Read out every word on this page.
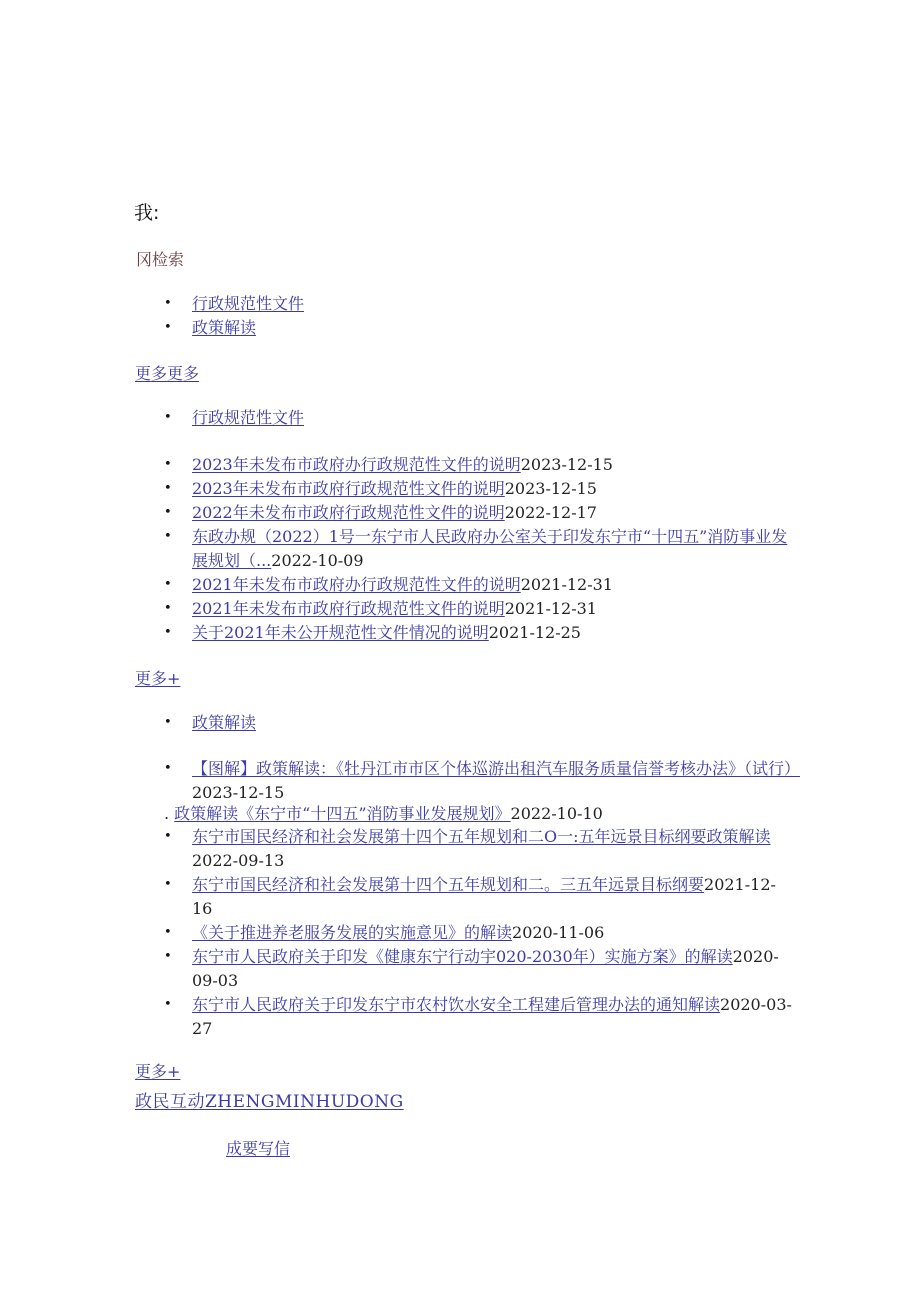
我:
冈检索
• 行政规范性文件
• 政策解读
更多更多
• 行政规范性文件
• 2023年未发布市政府办行政规范性文件的说明2023-12-15
• 2023年未发布市政府行政规范性文件的说明2023-12-15
• 2022年未发布市政府行政规范性文件的说明2022-12-17
• 东政办规（2022）1号一东宁市人民政府办公室关于印发东宁市“十四五”消防事业发展规划（...2022-10-09
• 2021年未发布市政府办行政规范性文件的说明2021-12-31
• 2021年未发布市政府行政规范性文件的说明2021-12-31
• 关于2021年未公开规范性文件情况的说明2021-12-25
更多+
• 政策解读
• 【图解】政策解读：《牡丹江市市区个体巡游出租汽车服务质量信誉考核办法》（试行）2023-12-15
. 政策解读《东宁市“十四五”消防事业发展规划》2022-10-10
• 东宁市国民经济和社会发展第十四个五年规划和二O一:五年远景目标纲要政策解读2022-09-13
• 东宁市国民经济和社会发展第十四个五年规划和二。三五年远景目标纲要2021-12-16
• 《关于推进养老服务发展的实施意见》的解读2020-11-06
• 东宁市人民政府关于印发《健康东宁行动宇020-2030年）实施方案》的解读2020-09-03
• 东宁市人民政府关于印发东宁市农村饮水安全工程建后管理办法的通知解读2020-03-27
更多+
政民互动ZHENGMINHUDONG
成要写信
